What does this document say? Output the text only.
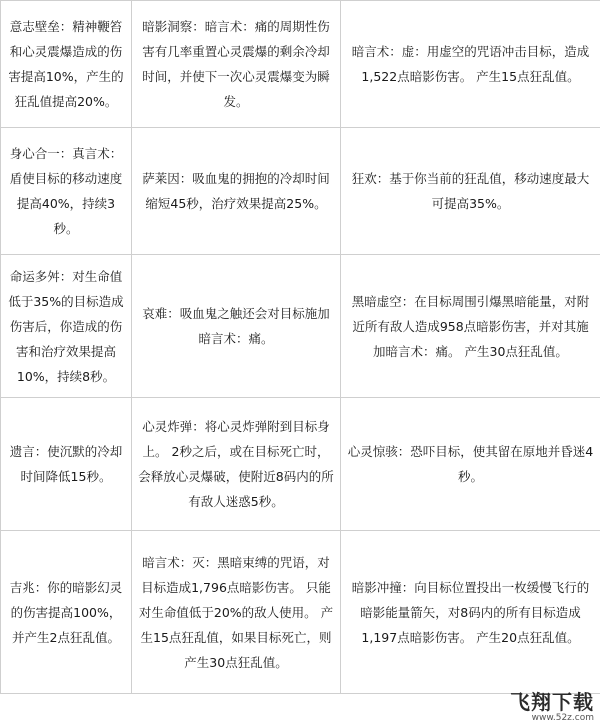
意志壁垒：精神鞭笞和心灵震爆造成的伤害提高10%，产生的狂乱值提高20%。	暗影洞察：暗言术：痛的周期性伤害有几率重置心灵震爆的剩余冷却时间，并使下一次心灵震爆变为瞬发。	暗言术：虚：用虚空的咒语冲击目标，造成1,522点暗影伤害。 产生15点狂乱值。

身心合一：真言术：盾使目标的移动速度提高40%，持续3秒。	萨莱因：吸血鬼的拥抱的冷却时间缩短45秒，治疗效果提高25%。	狂欢：基于你当前的狂乱值，移动速度最大可提高35%。

命运多舛：对生命值低于35%的目标造成伤害后，你造成的伤害和治疗效果提高10%，持续8秒。	哀难：吸血鬼之触还会对目标施加暗言术：痛。	黑暗虚空：在目标周围引爆黑暗能量，对附近所有敌人造成958点暗影伤害，并对其施加暗言术：痛。 产生30点狂乱值。

遗言：使沉默的冷却时间降低15秒。	心灵炸弹：将心灵炸弹附到目标身上。 2秒之后，或在目标死亡时，会释放心灵爆破，使附近8码内的所有敌人迷惑5秒。	心灵惊骇：恐吓目标，使其留在原地并昏迷4秒。

吉兆：你的暗影幻灵的伤害提高100%，并产生2点狂乱值。	暗言术：灭：黑暗束缚的咒语，对目标造成1,796点暗影伤害。 只能对生命值低于20%的敌人使用。 产生15点狂乱值，如果目标死亡，则产生30点狂乱值。	暗影冲撞：向目标位置投出一枚缓慢飞行的暗影能量箭矢，对8码内的所有目标造成1,197点暗影伤害。 产生20点狂乱值。
飞翔下载
www.52z.com
